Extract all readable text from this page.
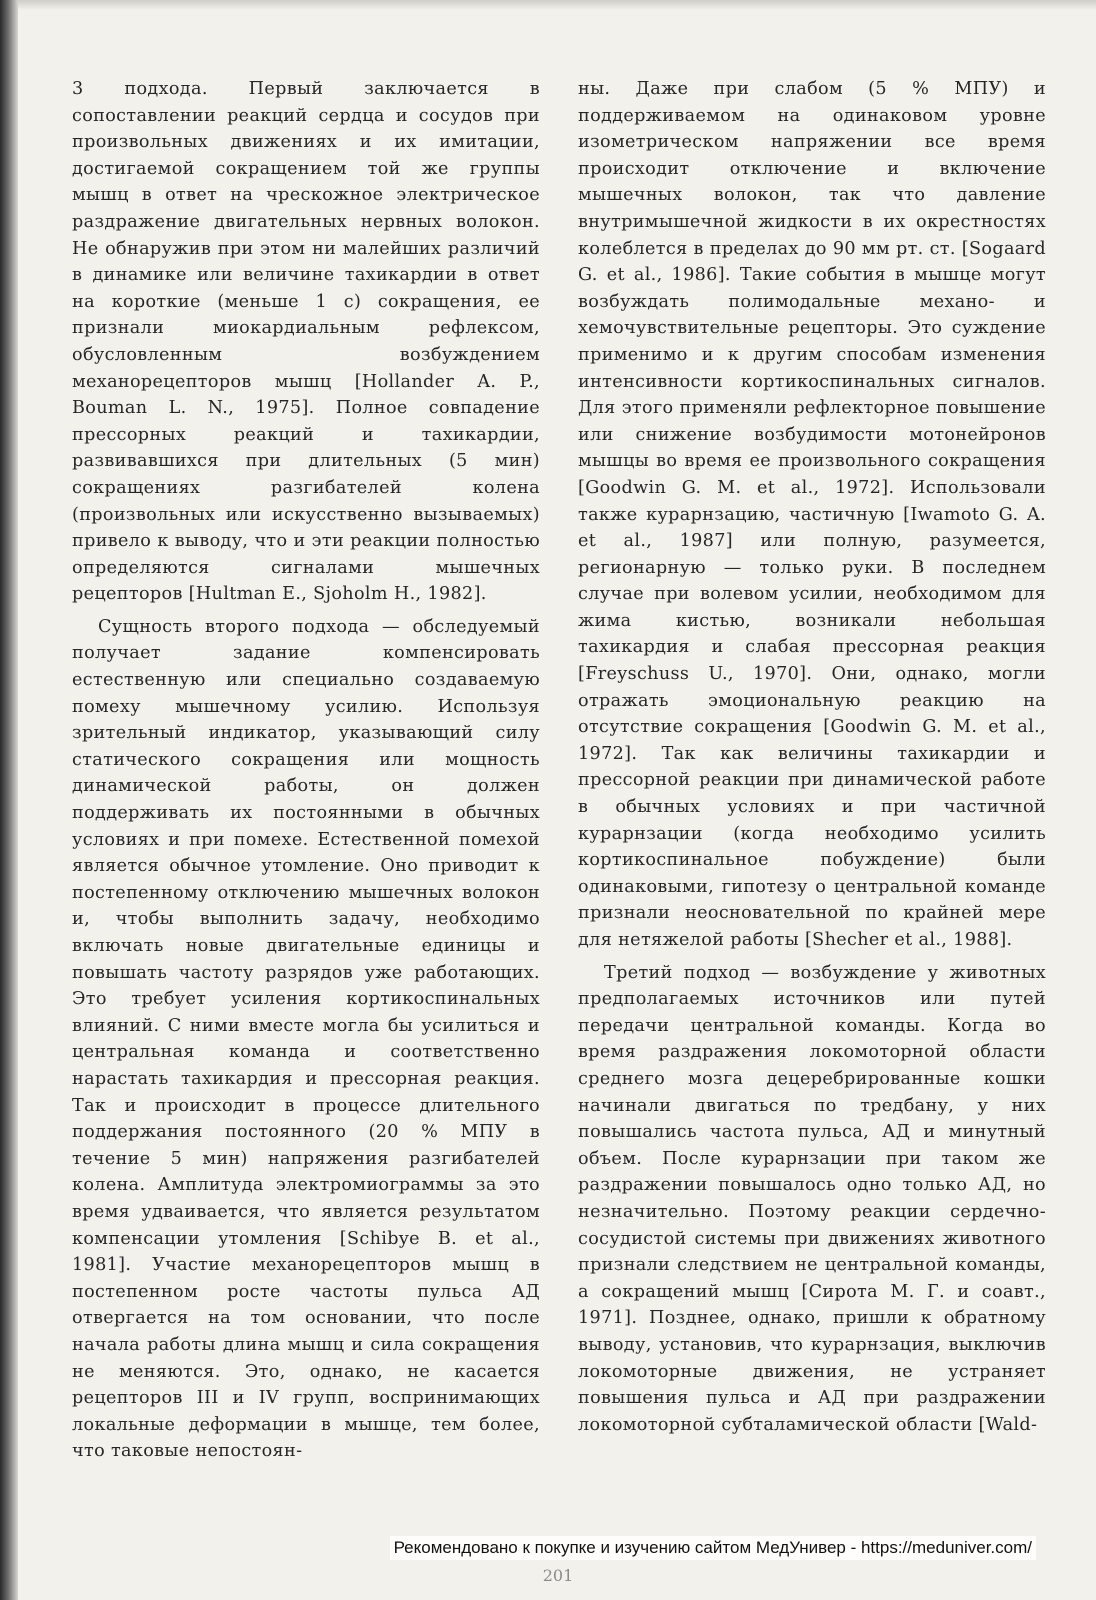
3 подхода. Первый заключается в сопоставлении реакций сердца и сосудов при произвольных движениях и их имитации, достигаемой сокращением той же группы мышц в ответ на чрескожное электрическое раздражение двигательных нервных волокон. Не обнаружив при этом ни малейших различий в динамике или величине тахикардии в ответ на короткие (меньше 1 с) сокращения, ее признали миокардиальным рефлексом, обусловленным возбуждением механорецепторов мышц [Hollander A. P., Bouman L. N., 1975]. Полное совпадение прессорных реакций и тахикардии, развивавшихся при длительных (5 мин) сокращениях разгибателей колена (произвольных или искусственно вызываемых) привело к выводу, что и эти реакции полностью определяются сигналами мышечных рецепторов [Hultman E., Sjoholm H., 1982].

Сущность второго подхода — обследуемый получает задание компенсировать естественную или специально создаваемую помеху мышечному усилию. Используя зрительный индикатор, указывающий силу статического сокращения или мощность динамической работы, он должен поддерживать их постоянными в обычных условиях и при помехе. Естественной помехой является обычное утомление. Оно приводит к постепенному отключению мышечных волокон и, чтобы выполнить задачу, необходимо включать новые двигательные единицы и повышать частоту разрядов уже работающих. Это требует усиления кортикоспинальных влияний. С ними вместе могла бы усилиться и центральная команда и соответственно нарастать тахикардия и прессорная реакция. Так и происходит в процессе длительного поддержания постоянного (20 % МПУ в течение 5 мин) напряжения разгибателей колена. Амплитуда электромиограммы за это время удваивается, что является результатом компенсации утомления [Schibye B. et al., 1981]. Участие механорецепторов мышц в постепенном росте частоты пульса АД отвергается на том основании, что после начала работы длина мышц и сила сокращения не меняются. Это, однако, не касается рецепторов III и IV групп, воспринимающих локальные деформации в мышце, тем более, что таковые непостоян-

ны. Даже при слабом (5 % МПУ) и поддерживаемом на одинаковом уровне изометрическом напряжении все время происходит отключение и включение мышечных волокон, так что давление внутримышечной жидкости в их окрестностях колеблется в пределах до 90 мм рт. ст. [Sogaard G. et al., 1986]. Такие события в мышце могут возбуждать полимодальные механо- и хемочувствительные рецепторы. Это суждение применимо и к другим способам изменения интенсивности кортикоспинальных сигналов. Для этого применяли рефлекторное повышение или снижение возбудимости мотонейронов мышцы во время ее произвольного сокращения [Goodwin G. M. et al., 1972]. Использовали также курарнзацию, частичную [Iwamoto G. A. et al., 1987] или полную, разумеется, регионарную — только руки. В последнем случае при волевом усилии, необходимом для жима кистью, возникали небольшая тахикардия и слабая прессорная реакция [Freyschuss U., 1970]. Они, однако, могли отражать эмоциональную реакцию на отсутствие сокращения [Goodwin G. M. et al., 1972]. Так как величины тахикардии и прессорной реакции при динамической работе в обычных условиях и при частичной курарнзации (когда необходимо усилить кортикоспинальное побуждение) были одинаковыми, гипотезу о центральной команде признали неосновательной по крайней мере для нетяжелой работы [Shecher et al., 1988].

Третий подход — возбуждение у животных предполагаемых источников или путей передачи центральной команды. Когда во время раздражения локомоторной области среднего мозга децеребрированные кошки начинали двигаться по тредбану, у них повышались частота пульса, АД и минутный объем. После курарнзации при таком же раздражении повышалось одно только АД, но незначительно. Поэтому реакции сердечно-сосудистой системы при движениях животного признали следствием не центральной команды, а сокращений мышц [Сирота М. Г. и соавт., 1971]. Позднее, однако, пришли к обратному выводу, установив, что курарнзация, выключив локомоторные движения, не устраняет повышения пульса и АД при раздражении локомоторной субталамической области [Wald-

Рекомендовано к покупке и изучению сайтом МедУнивер - https://meduniver.com/
201
